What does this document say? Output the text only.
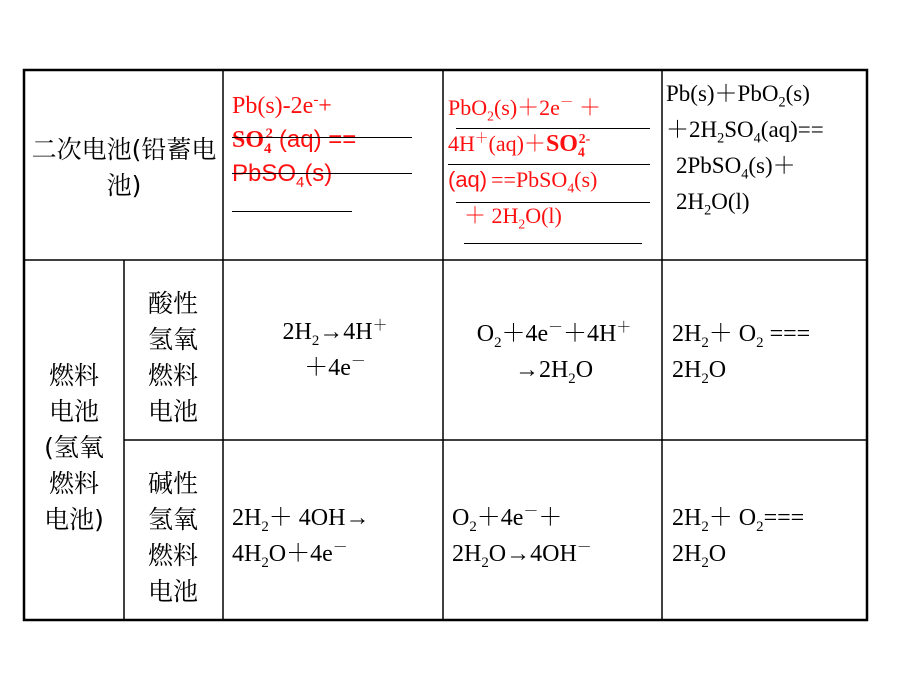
二次电池(铅蓄电池)
燃料电池(氢氧燃料电池)
酸性氢氧燃料电池
碱性氢氧燃料电池
Pb(s)-2e-+
$SO_4^2$ (aq) ==
PbSO$_4$(s)
PbO$_2$(s)＋2e－ ＋
$4H^+(aq)+SO_4^{2-}$
(aq) ==PbSO$_4$(s)
＋ $2H_2O(l)$
Pb(s)＋PbO$_2$(s)
$+2H_2SO_4(aq)==$
2PbSO$_4$(s)＋
$2H_2O(l)$
$2H_2\to 4H^+$
＋4e－
$O_2+4e^-+4H^+$
$\to 2H_2O$
$2H_2+ O_2$ ===
$2H_2O$
$2H_2+ 4OH\to$
$4H_2O+4e^-$
$O_2+4e^-+$
$2H_2O\to 4OH^-$
$2H_2+ O_2===$
$2H_2O$
